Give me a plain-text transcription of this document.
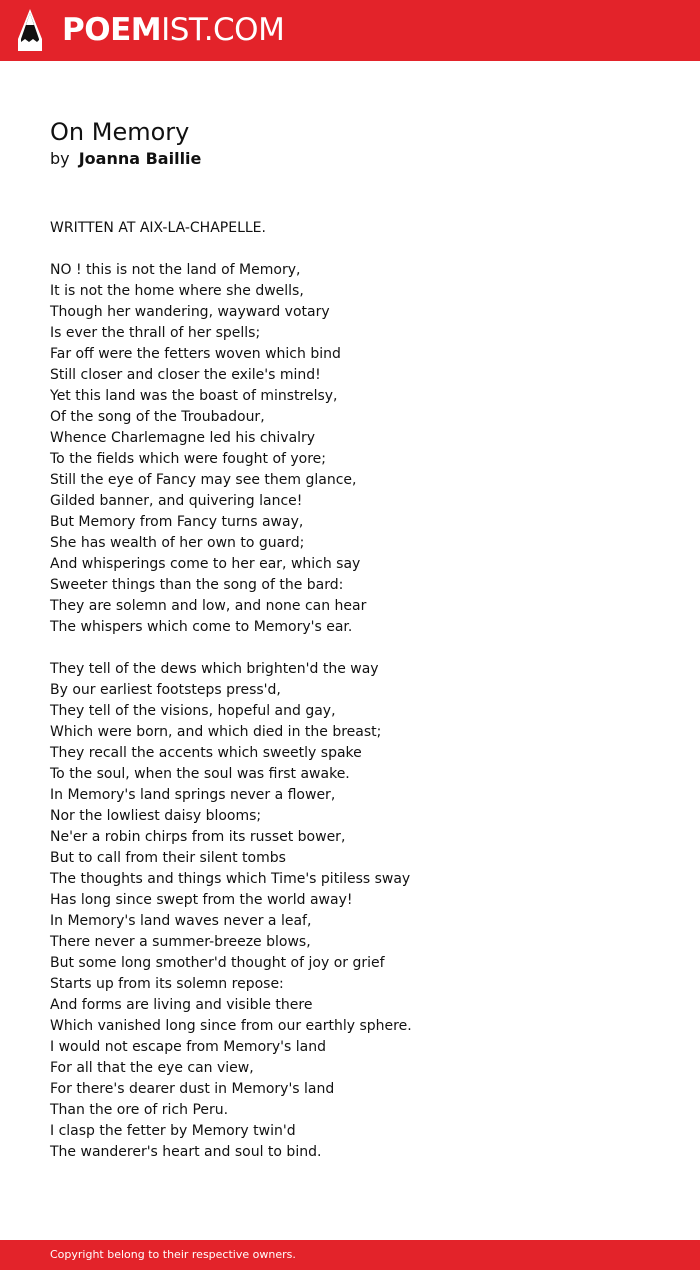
POEMIST.COM
On Memory
by Joanna Baillie
WRITTEN AT AIX-LA-CHAPELLE.
NO ! this is not the land of Memory,
It is not the home where she dwells,
Though her wandering, wayward votary
Is ever the thrall of her spells;
Far off were the fetters woven which bind
Still closer and closer the exile's mind!
Yet this land was the boast of minstrelsy,
Of the song of the Troubadour,
Whence Charlemagne led his chivalry
To the fields which were fought of yore;
Still the eye of Fancy may see them glance,
Gilded banner, and quivering lance!
But Memory from Fancy turns away,
She has wealth of her own to guard;
And whisperings come to her ear, which say
Sweeter things than the song of the bard:
They are solemn and low, and none can hear
The whispers which come to Memory's ear.
They tell of the dews which brighten'd the way
By our earliest footsteps press'd,
They tell of the visions, hopeful and gay,
Which were born, and which died in the breast;
They recall the accents which sweetly spake
To the soul, when the soul was first awake.
In Memory's land springs never a flower,
Nor the lowliest daisy blooms;
Ne'er a robin chirps from its russet bower,
But to call from their silent tombs
The thoughts and things which Time's pitiless sway
Has long since swept from the world away!
In Memory's land waves never a leaf,
There never a summer-breeze blows,
But some long smother'd thought of joy or grief
Starts up from its solemn repose:
And forms are living and visible there
Which vanished long since from our earthly sphere.
I would not escape from Memory's land
For all that the eye can view,
For there's dearer dust in Memory's land
Than the ore of rich Peru.
I clasp the fetter by Memory twin'd
The wanderer's heart and soul to bind.
Copyright belong to their respective owners.
